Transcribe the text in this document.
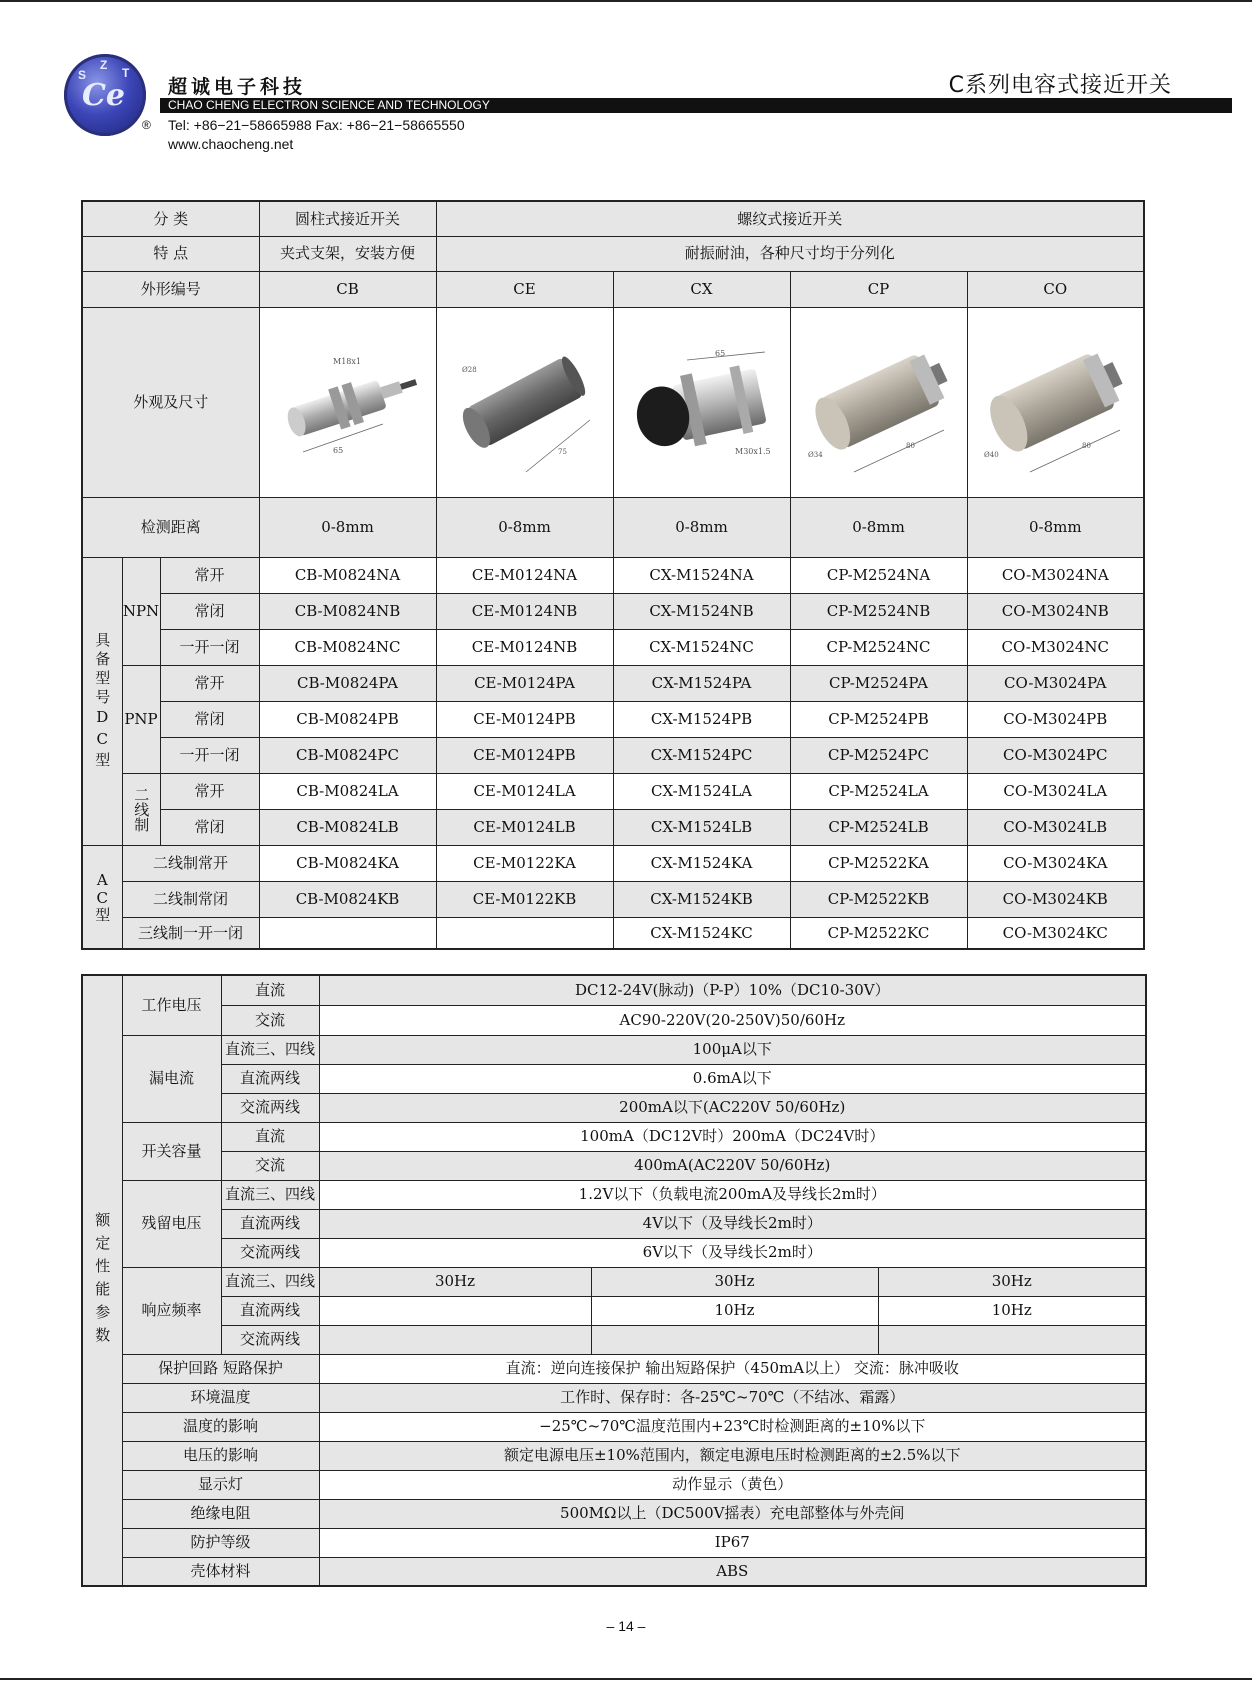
S
Z
T
Ce
®
超诚电子科技
CHAO CHENG ELECTRON SCIENCE AND TECHNOLOGY
Tel: +86−21−58665988 Fax: +86−21−58665550
www.chaocheng.net
C系列电容式接近开关
分 类			圆柱式接近开关	螺纹式接近开关			
特 点			夹式支架，安装方便	耐振耐油，各种尺寸均于分列化			
外形编号			CB	CE	CX	CP	CO
外观及尺寸			65
M18x1	75
Ø28	65
M30x1.5	80
Ø34	80
Ø40

检测距离			0-8mm	0-8mm	0-8mm	0-8mm	0-8mm
具备型号DC型	NPN	常开	CB-M0824NA	CE-M0124NA	CX-M1524NA	CP-M2524NA	CO-M3024NA
		常闭	CB-M0824NB	CE-M0124NB	CX-M1524NB	CP-M2524NB	CO-M3024NB
		一开一闭	CB-M0824NC	CE-M0124NB	CX-M1524NC	CP-M2524NC	CO-M3024NC
	PNP	常开	CB-M0824PA	CE-M0124PA	CX-M1524PA	CP-M2524PA	CO-M3024PA
		常闭	CB-M0824PB	CE-M0124PB	CX-M1524PB	CP-M2524PB	CO-M3024PB
		一开一闭	CB-M0824PC	CE-M0124PB	CX-M1524PC	CP-M2524PC	CO-M3024PC
	二线制	常开	CB-M0824LA	CE-M0124LA	CX-M1524LA	CP-M2524LA	CO-M3024LA
		常闭	CB-M0824LB	CE-M0124LB	CX-M1524LB	CP-M2524LB	CO-M3024LB
AC型	二线制常开		CB-M0824KA	CE-M0122KA	CX-M1524KA	CP-M2522KA	CO-M3024KA
	二线制常闭		CB-M0824KB	CE-M0122KB	CX-M1524KB	CP-M2522KB	CO-M3024KB
	三线制一开一闭				CX-M1524KC	CP-M2522KC	CO-M3024KC
额定性能参数	工作电压	直流	DC12-24V(脉动)（P-P）10%（DC10-30V）		
		交流	AC90-220V(20-250V)50/60Hz		
	漏电流	直流三、四线	100μA以下		
		直流两线	0.6mA以下		
		交流两线	200mA以下(AC220V 50/60Hz)		
	开关容量	直流	100mA（DC12V时）200mA（DC24V时）		
		交流	400mA(AC220V 50/60Hz)		
	残留电压	直流三、四线	1.2V以下（负载电流200mA及导线长2m时）		
		直流两线	4V以下（及导线长2m时）		
		交流两线	6V以下（及导线长2m时）		
	响应频率	直流三、四线	30Hz	30Hz	30Hz
		直流两线		10Hz	10Hz
		交流两线			
	保护回路 短路保护		直流：逆向连接保护 输出短路保护（450mA以上） 交流：脉冲吸收		
	环境温度		工作时、保存时：各-25℃~70℃（不结冰、霜露）		
	温度的影响		−25℃~70℃温度范围内+23℃时检测距离的±10%以下		
	电压的影响		额定电源电压±10%范围内，额定电源电压时检测距离的±2.5%以下		
	显示灯		动作显示（黄色）		
	绝缘电阻		500MΩ以上（DC500V摇表）充电部整体与外壳间		
	防护等级		IP67		
	壳体材料		ABS		
– 14 –
